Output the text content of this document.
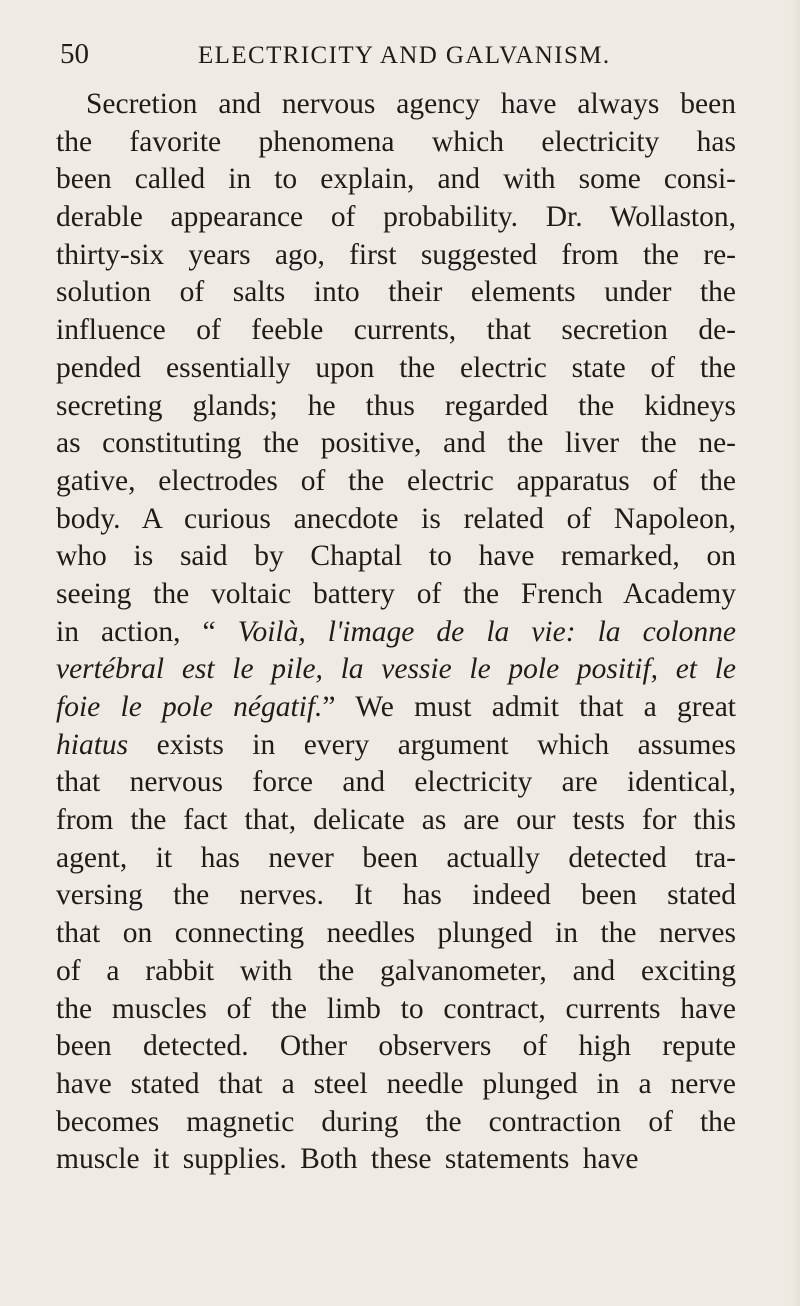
50	ELECTRICITY AND GALVANISM.
Secretion and nervous agency have always been
the favorite phenomena which electricity has
been called in to explain, and with some consi-
derable appearance of probability. Dr. Wollaston,
thirty-six years ago, first suggested from the re-
solution of salts into their elements under the
influence of feeble currents, that secretion de-
pended essentially upon the electric state of the
secreting glands; he thus regarded the kidneys
as constituting the positive, and the liver the ne-
gative, electrodes of the electric apparatus of the
body. A curious anecdote is related of Napoleon,
who is said by Chaptal to have remarked, on
seeing the voltaic battery of the French Academy
in action, “ Voilà, l'image de la vie: la colonne
vertébral est le pile, la vessie le pole positif, et le
foie le pole négatif.” We must admit that a great
hiatus exists in every argument which assumes
that nervous force and electricity are identical,
from the fact that, delicate as are our tests for this
agent, it has never been actually detected tra-
versing the nerves. It has indeed been stated
that on connecting needles plunged in the nerves
of a rabbit with the galvanometer, and exciting
the muscles of the limb to contract, currents have
been detected. Other observers of high repute
have stated that a steel needle plunged in a nerve
becomes magnetic during the contraction of the
muscle it supplies. Both these statements have
